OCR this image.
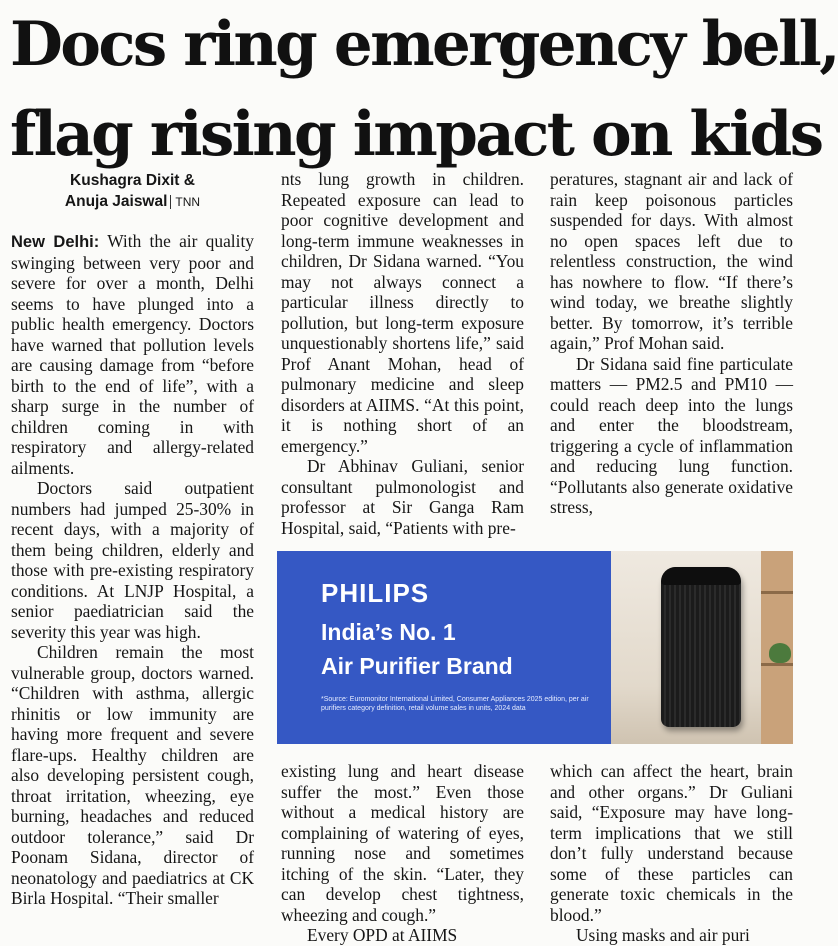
Docs ring emergency bell,
flag rising impact on kids
Kushagra Dixit &
Anuja Jaiswal TNN

New Delhi: With the air quality swinging between very poor and severe for over a month, Delhi seems to have plunged into a public health emergency. Doctors have warned that pollution levels are causing damage from “before birth to the end of life”, with a sharp surge in the number of children coming in with respiratory and allergy-related ailments.

Doctors said outpatient numbers had jumped 25-30% in recent days, with a majority of them being children, elderly and those with pre-existing respiratory conditions. At LNJP Hospital, a senior paediatrician said the severity this year was high.

Children remain the most vulnerable group, doctors warned. “Children with asthma, allergic rhinitis or low immunity are having more frequent and severe flare-ups. Healthy children are also developing persistent cough, throat irritation, wheezing, eye burning, headaches and reduced outdoor tolerance,” said Dr Poonam Sidana, director of neonatology and paediatrics at CK Birla Hospital. “Their smaller

nts lung growth in children. Repeated exposure can lead to poor cognitive development and long-term immune weaknesses in children, Dr Sidana warned. “You may not always connect a particular illness directly to pollution, but long-term exposure unquestionably shortens life,” said Prof Anant Mohan, head of pulmonary medicine and sleep disorders at AIIMS. “At this point, it is nothing short of an emergency.”

Dr Abhinav Guliani, senior consultant pulmonologist and professor at Sir Ganga Ram Hospital, said, “Patients with pre-

peratures, stagnant air and lack of rain keep poisonous particles suspended for days. With almost no open spaces left due to relentless construction, the wind has nowhere to flow. “If there’s wind today, we breathe slightly better. By tomorrow, it’s terrible again,” Prof Mohan said.

Dr Sidana said fine particulate matters — PM2.5 and PM10 — could reach deep into the lungs and enter the bloodstream, triggering a cycle of inflammation and reducing lung function. “Pollutants also generate oxidative stress,

PHILIPS
India’s No. 1
Air Purifier Brand
*Source: Euromonitor International Limited, Consumer Appliances 2025 edition, per air purifiers category definition, retail volume sales in units, 2024 data

existing lung and heart disease suffer the most.” Even those without a medical history are complaining of watering of eyes, running nose and sometimes itching of the skin. “Later, they can develop chest tightness, wheezing and cough.”

Every OPD at AIIMS

which can affect the heart, brain and other organs.” Dr Guliani said, “Exposure may have long-term implications that we still don’t fully understand because some of these particles can generate toxic chemicals in the blood.”

Using masks and air puri
